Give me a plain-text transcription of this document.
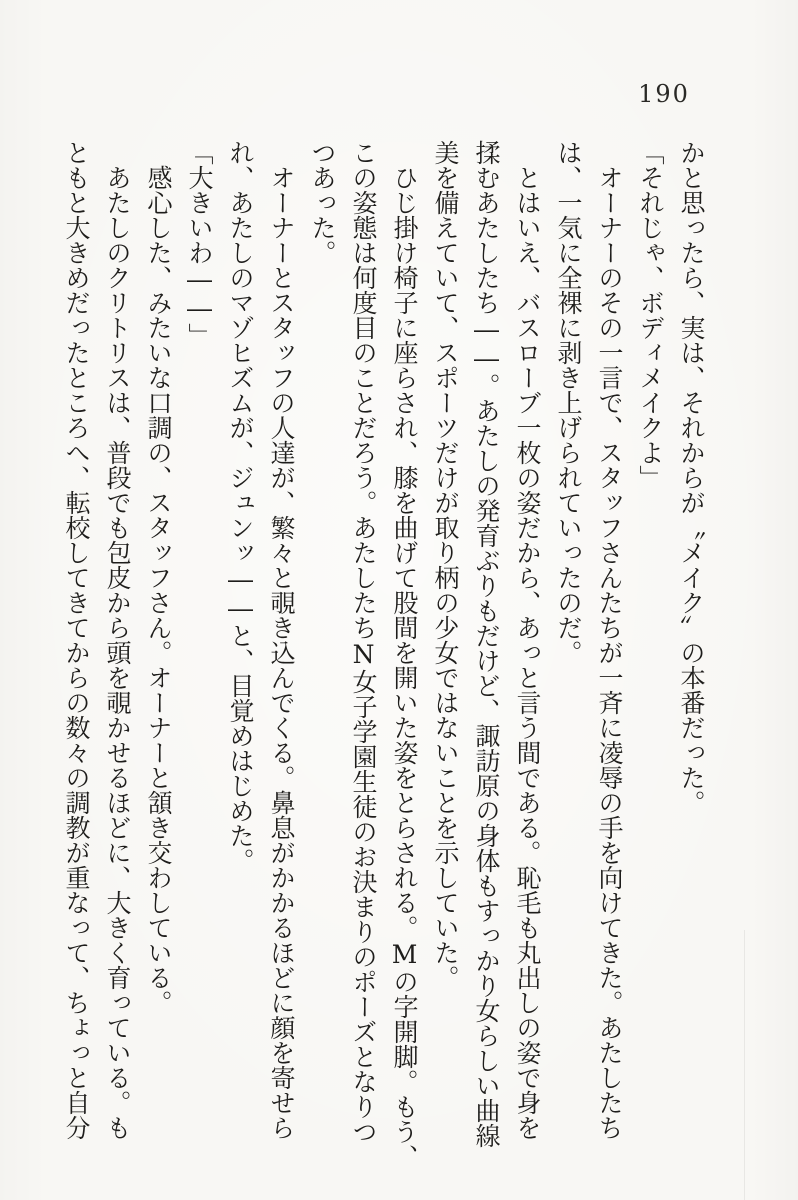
190

かと思ったら、実は、それからが〝メイク〟の本番だった。

「それじゃ、ボディメイクよ」

　オーナーのその一言で、スタッフさんたちが一斉に凌辱の手を向けてきた。あたしたち

は、一気に全裸に剥き上げられていったのだ。

　とはいえ、バスローブ一枚の姿だから、あっと言う間である。恥毛も丸出しの姿で身を

揉むあたしたち――。あたしの発育ぶりもだけど、諏訪原の身体もすっかり女らしい曲線

美を備えていて、スポーツだけが取り柄の少女ではないことを示していた。

　ひじ掛け椅子に座らされ、膝を曲げて股間を開いた姿をとらされる。Mの字開脚。もう、

この姿態は何度目のことだろう。あたしたちN女子学園生徒のお決まりのポーズとなりつ

つあった。

　オーナーとスタッフの人達が、繁々と覗き込んでくる。鼻息がかかるほどに顔を寄せら

れ、あたしのマゾヒズムが、ジュンッ――と、目覚めはじめた。

「大きいわ――」

　感心した、みたいな口調の、スタッフさん。オーナーと頷き交わしている。

　あたしのクリトリスは、普段でも包皮から頭を覗かせるほどに、大きく育っている。も

ともと大きめだったところへ、転校してきてからの数々の調教が重なって、ちょっと自分
